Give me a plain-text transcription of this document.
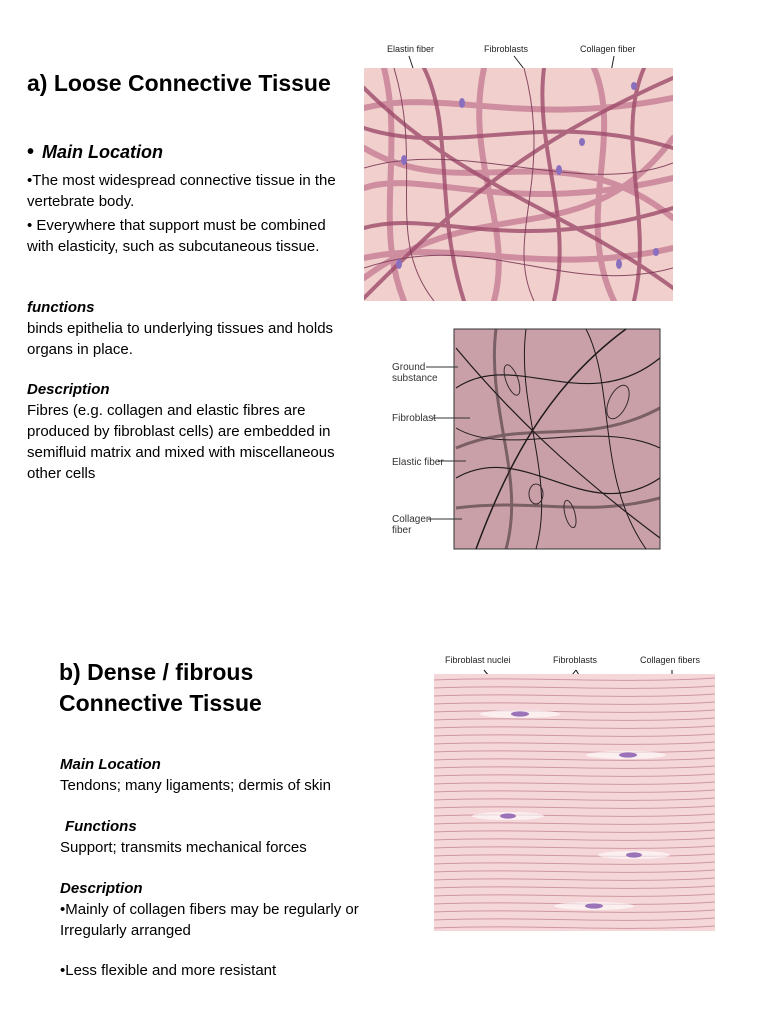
a) Loose Connective Tissue
• Main Location
•The most widespread connective tissue in the vertebrate body.
• Everywhere that support must be combined with elasticity, such as subcutaneous tissue.
functions
binds epithelia to underlying tissues and holds organs in place.
Description
Fibres (e.g. collagen and elastic fibres are produced by fibroblast cells) are embedded in semifluid matrix and mixed with miscellaneous other cells
Elastin fiber	Fibroblasts	Collagen fiber
Ground substance
Fibroblast
Elastic fiber
Collagen fiber
b) Dense / fibrous Connective Tissue
Main Location
Tendons; many ligaments; dermis of skin
Functions
Support; transmits mechanical forces
Description
•Mainly of collagen fibers may be regularly or Irregularly arranged
•Less flexible and more resistant
Fibroblast nuclei	Fibroblasts	Collagen fibers
